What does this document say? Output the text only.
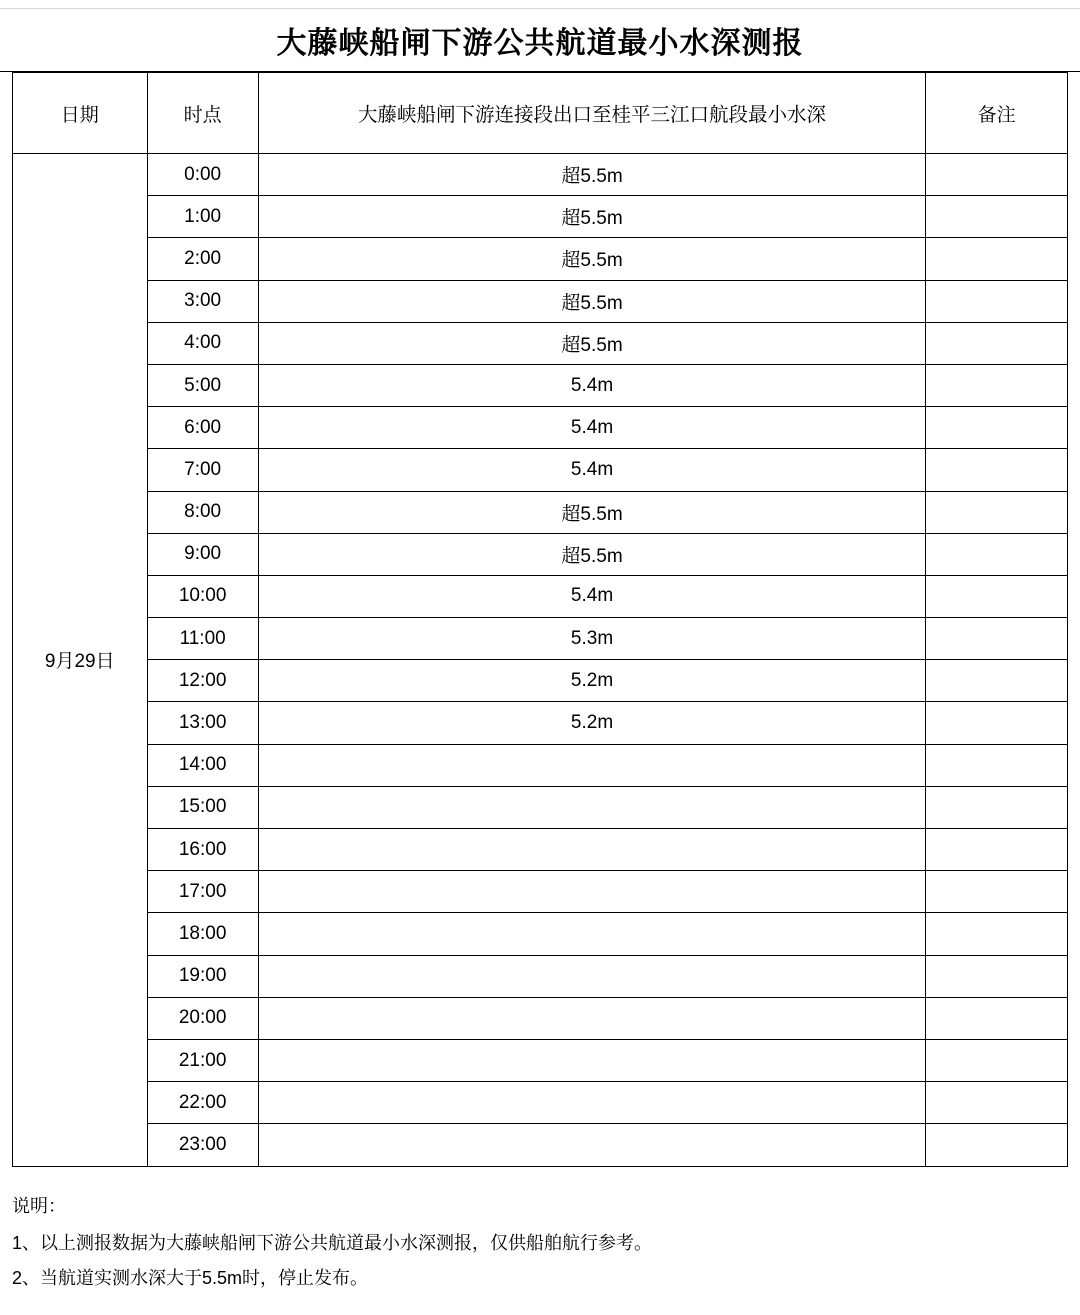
大藤峡船闸下游公共航道最小水深测报
日期	时点	大藤峡船闸下游连接段出口至桂平三江口航段最小水深	备注
9月29日	0:00	超5.5m	
	1:00	超5.5m	
	2:00	超5.5m	
	3:00	超5.5m	
	4:00	超5.5m	
	5:00	5.4m	
	6:00	5.4m	
	7:00	5.4m	
	8:00	超5.5m	
	9:00	超5.5m	
	10:00	5.4m	
	11:00	5.3m	
	12:00	5.2m	
	13:00	5.2m	
	14:00		
	15:00		
	16:00		
	17:00		
	18:00		
	19:00		
	20:00		
	21:00		
	22:00		
	23:00		
说明：
1、以上测报数据为大藤峡船闸下游公共航道最小水深测报，仅供船舶航行参考。
2、当航道实测水深大于5.5m时，停止发布。
